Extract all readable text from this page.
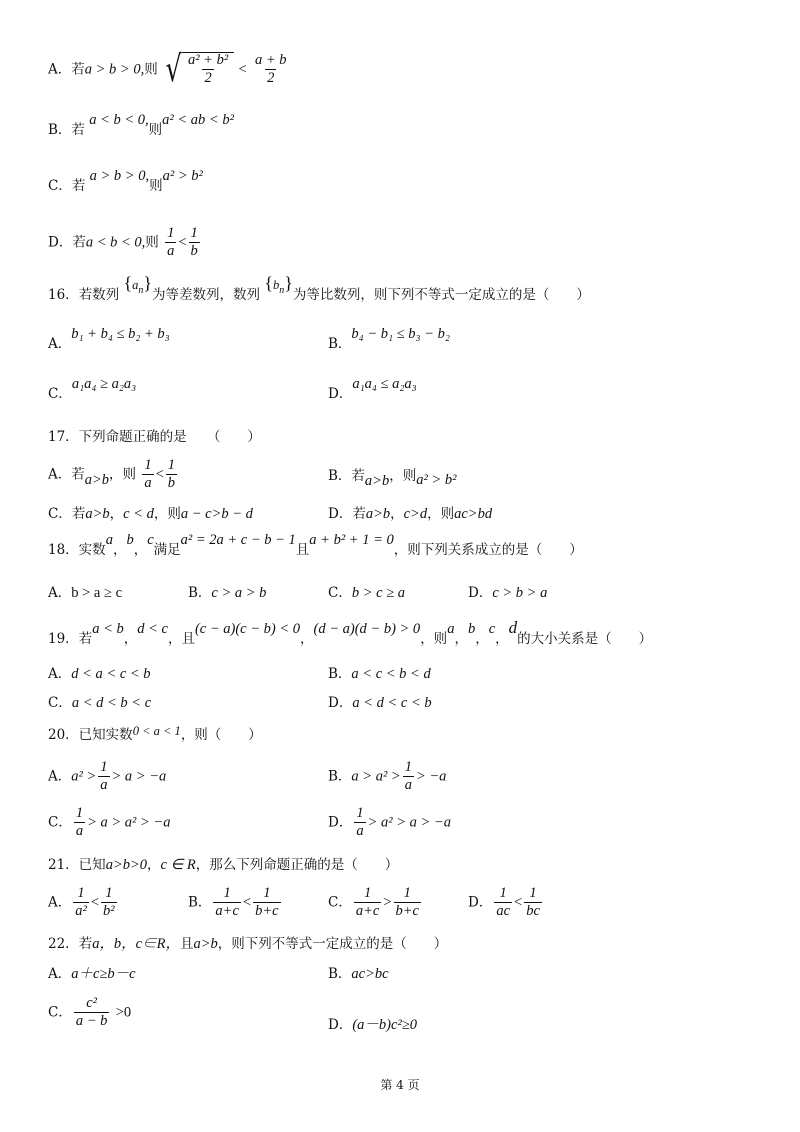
A．若a > b > 0,则 √ $\frac{\text{a² + b²}}{2} < \frac{a + b}{2}$
B．若 a < b < 0,则a² < ab < b²
C．若 a > b > 0,则a² > b²
D．若a < b < 0,则 $\frac{1}{a} < \frac{1}{b}$
16．若数列 $\{a_n\}$为等差数列，数列 $\{b_n\}$为等比数列，则下列不等式一定成立的是（　　）
A．b₁ + b₄ ≤ b₂ + b₃
B．b₄ − b₁ ≤ b₃ − b₂
C．a₁a₄ ≥ a₂a₃
D．a₁a₄ ≤ a₂a₃
17．下列命题正确的是　　（　　）
A．若a>b，则 $\frac{1}{a} < \frac{1}{b}$	B．若a>b，则a² > b²
C．若a>b，c < d，则a − c>b − d	D．若a>b，c>d，则ac>bd
18．实数a，b，c满足a² = 2a + c − b − 1且a + b² + 1 = 0，则下列关系成立的是（　　）
A．b > a ≥ c	B．c > a > b	C．b > c ≥ a	D．c > b > a
19．若a < b，d < c，且(c − a)(c − b) < 0，(d − a)(d − b) > 0，则a，b，c，d的大小关系是（　　）
A．d < a < c < b	B．a < c < b < d
C．a < d < b < c	D．a < d < c < b
20．已知实数0 < a < 1，则（　　）
A．$a^2 > \frac{1}{a} > a > -a$	B．$a > a^2 > \frac{1}{a} > -a$
C． $\frac{1}{a} > a > a^2 > -a$	D． $\frac{1}{a} > a^2 > a > -a$
21．已知a>b>0，c ∈ R，那么下列命题正确的是（　　）
A． $\frac{1}{\text{a²}} < \frac{1}{\text{b²}}$	B． $\frac{1}{a+c} < \frac{1}{b+c}$	C． $\frac{1}{a+c} > \frac{1}{b+c}$	D． $\frac{1}{ac} < \frac{1}{bc}$
22．若a，b，c∈R，且a>b，则下列不等式一定成立的是（　　）
A．a＋c≥b－c	B．ac>bc
C． $\frac{\text{c²}}{a - b} >0$
D．(a－b)c²≥0
第 4 页
